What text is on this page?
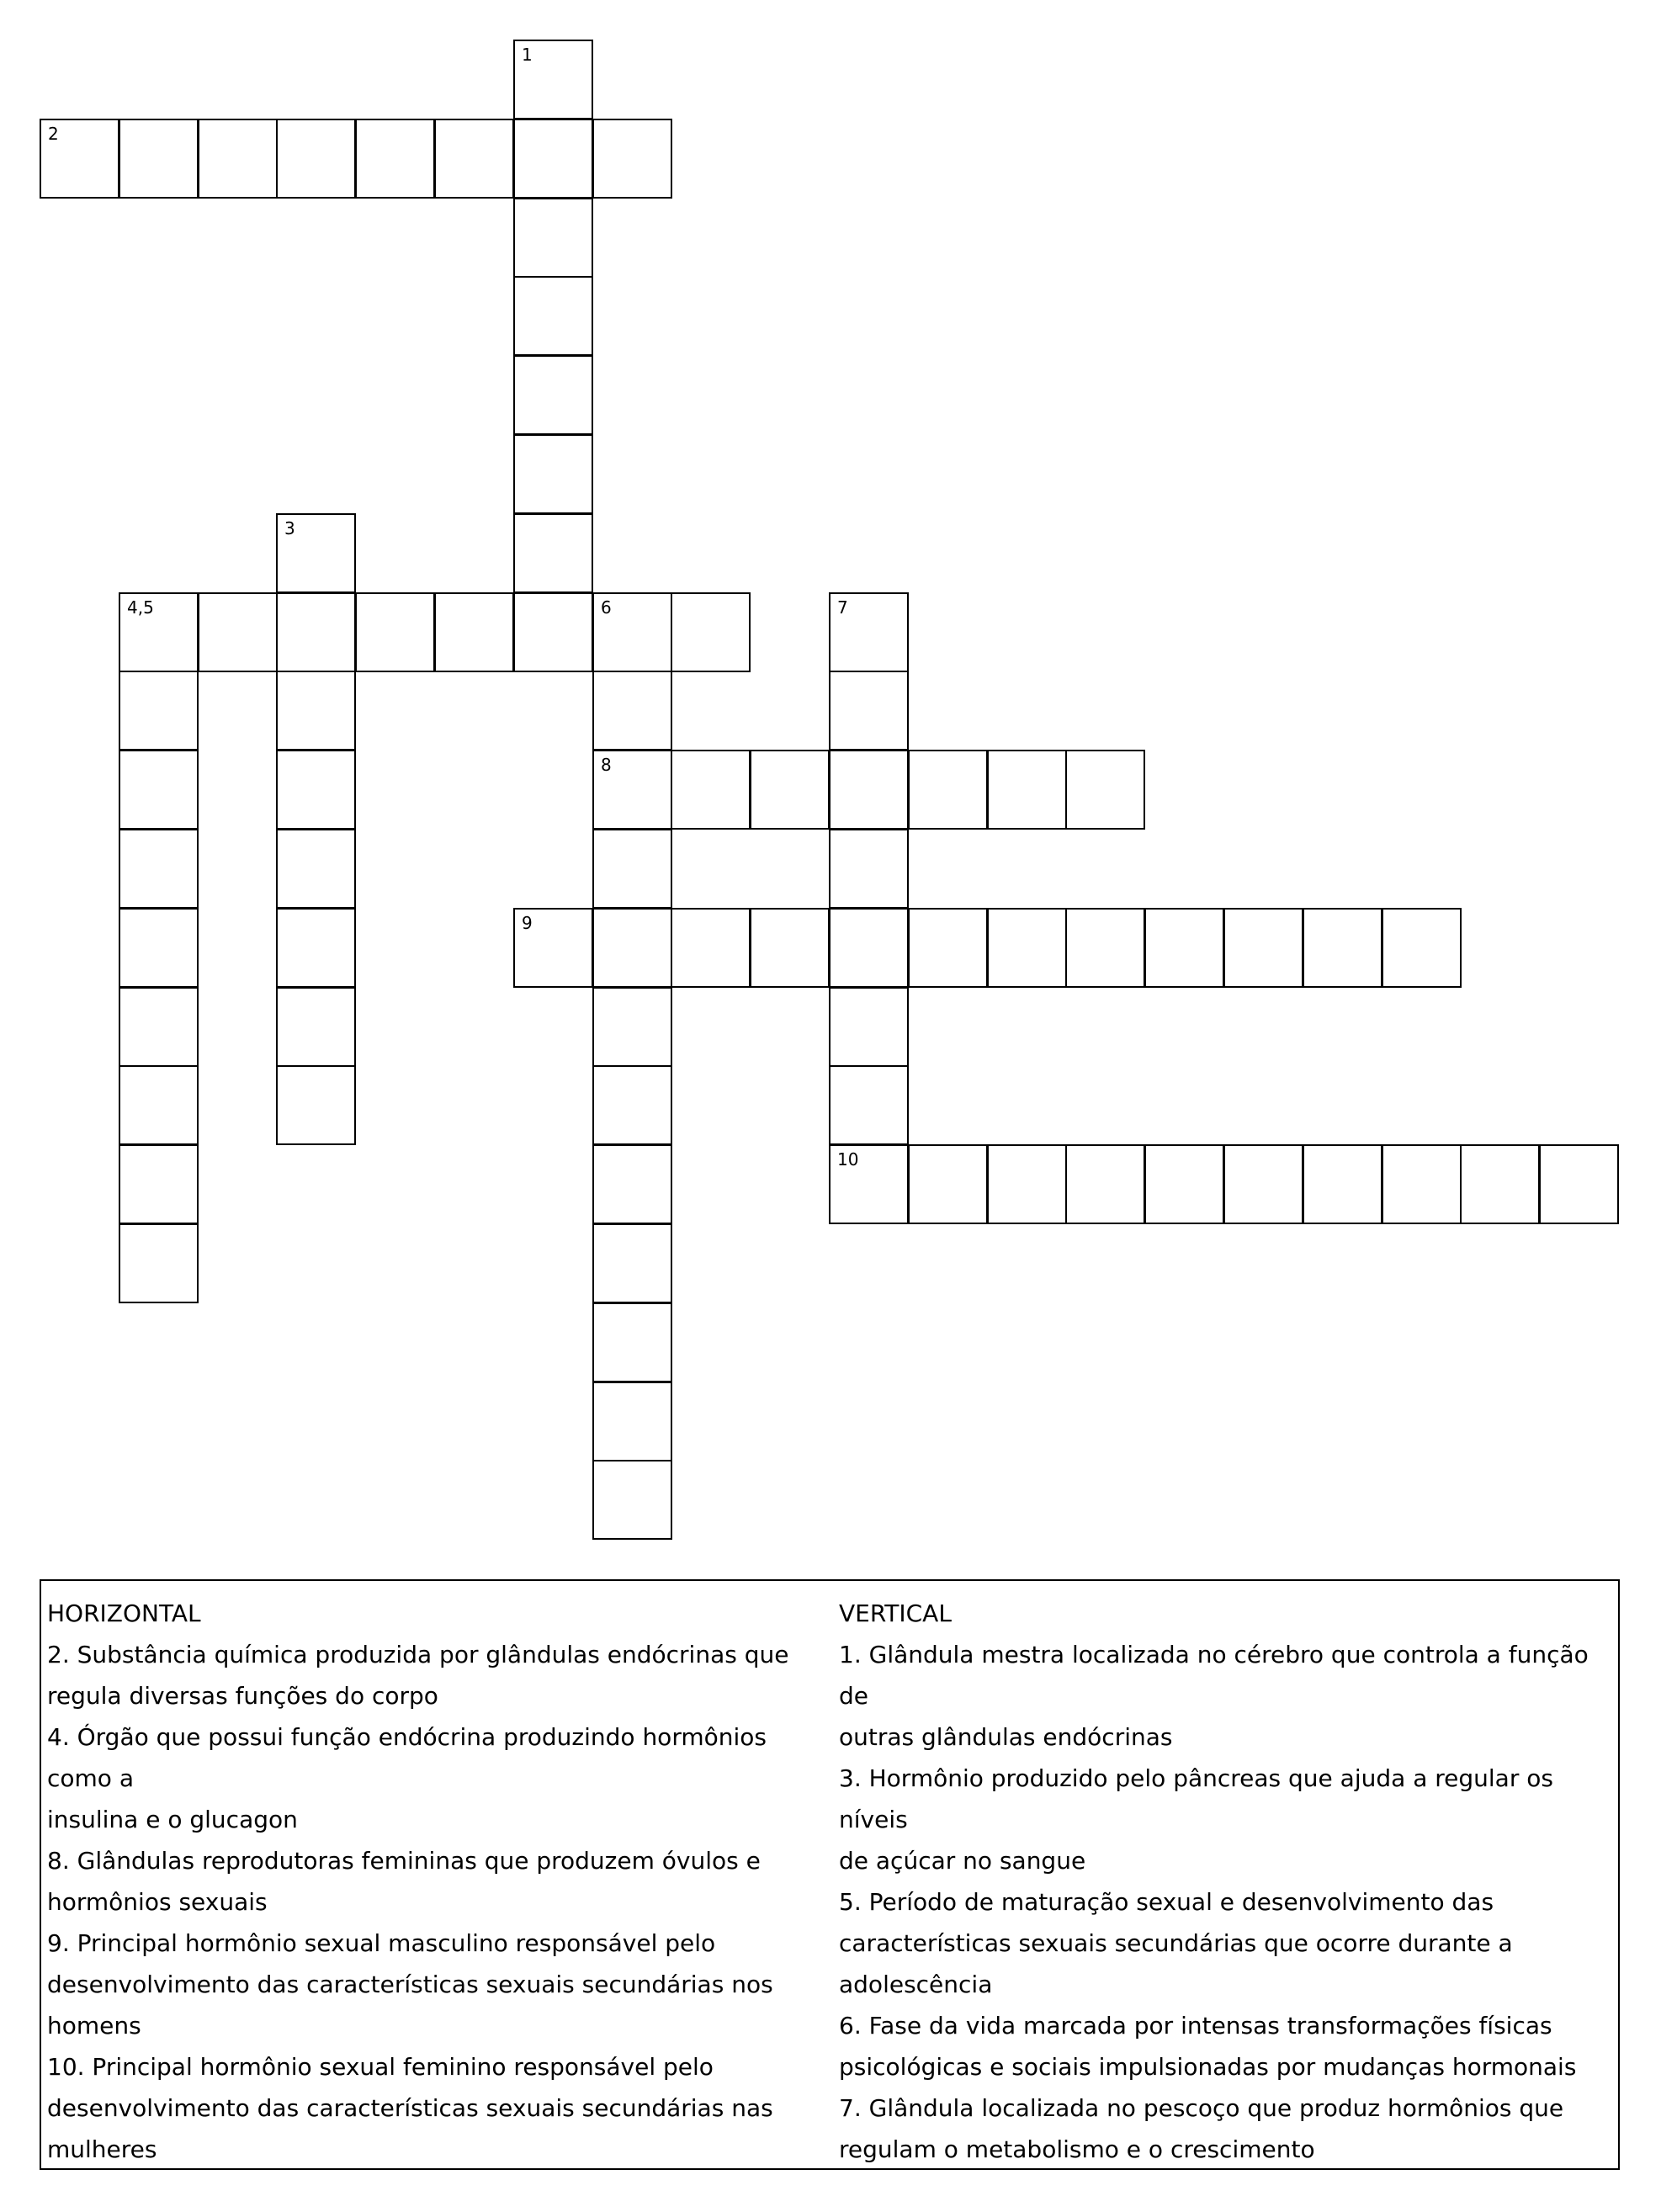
1
2
3
4,5	6	7
8
9
10
HORIZONTAL
2. Substância química produzida por glândulas endócrinas que
regula diversas funções do corpo
4. Órgão que possui função endócrina produzindo hormônios como a
insulina e o glucagon
8. Glândulas reprodutoras femininas que produzem óvulos e
hormônios sexuais
9. Principal hormônio sexual masculino responsável pelo
desenvolvimento das características sexuais secundárias nos
homens
10. Principal hormônio sexual feminino responsável pelo
desenvolvimento das características sexuais secundárias nas
mulheres
VERTICAL
1. Glândula mestra localizada no cérebro que controla a função de
outras glândulas endócrinas
3. Hormônio produzido pelo pâncreas que ajuda a regular os níveis
de açúcar no sangue
5. Período de maturação sexual e desenvolvimento das
características sexuais secundárias que ocorre durante a
adolescência
6. Fase da vida marcada por intensas transformações físicas
psicológicas e sociais impulsionadas por mudanças hormonais
7. Glândula localizada no pescoço que produz hormônios que
regulam o metabolismo e o crescimento
